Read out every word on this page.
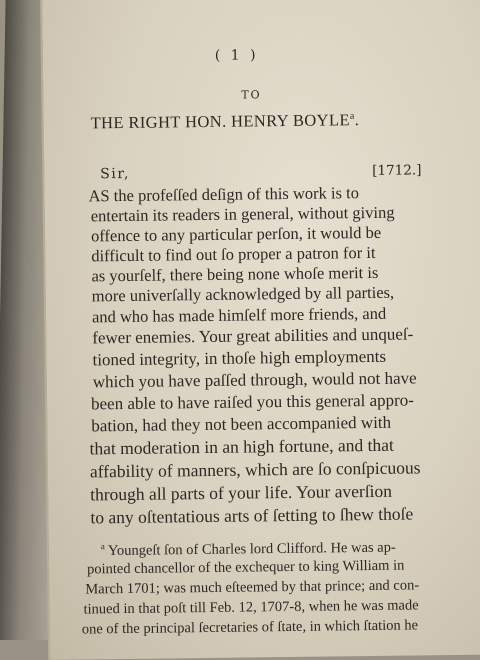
( 1 )
TO
THE RIGHT HON. HENRY BOYLE$^a$.
Sir,	[1712.]
AS the profeſſed deſign of this work is to
entertain its readers in general, without giving
offence to any particular perſon, it would be
difficult to find out ſo proper a patron for it
as yourſelf, there being none whoſe merit is
more univerſally acknowledged by all parties,
and who has made himſelf more friends, and
fewer enemies. Your great abilities and unqueſ-
tioned integrity, in thoſe high employments
which you have paſſed through, would not have
been able to have raiſed you this general appro-
bation, had they not been accompanied with
that moderation in an high fortune, and that
affability of manners, which are ſo conſpicuous
through all parts of your life. Your averſion
to any oſtentatious arts of ſetting to ſhew thoſe
$^a$ Youngeſt ſon of Charles lord Clifford. He was ap-
pointed chancellor of the exchequer to king William in
March 1701; was much eſteemed by that prince; and con-
tinued in that poſt till Feb. 12, 1707-8, when he was made
one of the principal ſecretaries of ſtate, in which ſtation he
